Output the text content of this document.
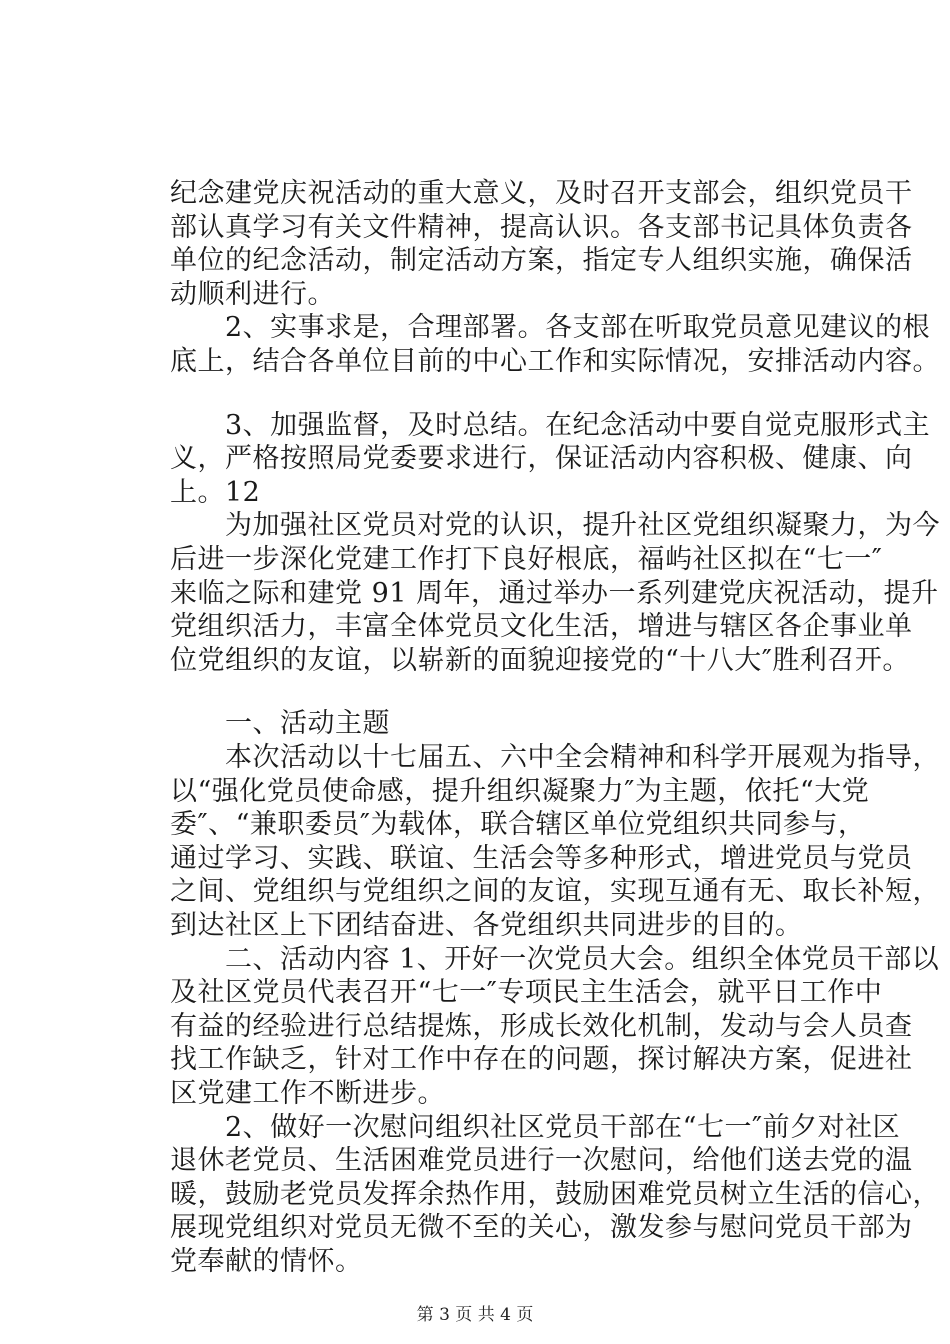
纪念建党庆祝活动的重大意义，及时召开支部会，组织党员干
部认真学习有关文件精神，提高认识。各支部书记具体负责各
单位的纪念活动，制定活动方案，指定专人组织实施，确保活
动顺利进行。
　　2、实事求是，合理部署。各支部在听取党员意见建议的根
底上，结合各单位目前的中心工作和实际情况，安排活动内容。
　　3、加强监督，及时总结。在纪念活动中要自觉克服形式主
义，严格按照局党委要求进行，保证活动内容积极、健康、向
上。12
　　为加强社区党员对党的认识，提升社区党组织凝聚力，为今
后进一步深化党建工作打下良好根底，福屿社区拟在“七一″
来临之际和建党 91 周年，通过举办一系列建党庆祝活动，提升
党组织活力，丰富全体党员文化生活，增进与辖区各企事业单
位党组织的友谊，以崭新的面貌迎接党的“十八大″胜利召开。
　　一、活动主题
　　本次活动以十七届五、六中全会精神和科学开展观为指导，
以“强化党员使命感，提升组织凝聚力″为主题，依托“大党
委″、“兼职委员″为载体，联合辖区单位党组织共同参与，
通过学习、实践、联谊、生活会等多种形式，增进党员与党员
之间、党组织与党组织之间的友谊，实现互通有无、取长补短，
到达社区上下团结奋进、各党组织共同进步的目的。
　　二、活动内容 1、开好一次党员大会。组织全体党员干部以
及社区党员代表召开“七一″专项民主生活会，就平日工作中
有益的经验进行总结提炼，形成长效化机制，发动与会人员查
找工作缺乏，针对工作中存在的问题，探讨解决方案，促进社
区党建工作不断进步。
　　2、做好一次慰问组织社区党员干部在“七一″前夕对社区
退休老党员、生活困难党员进行一次慰问，给他们送去党的温
暖，鼓励老党员发挥余热作用，鼓励困难党员树立生活的信心，
第 3 页 共 4 页
展现党组织对党员无微不至的关心，激发参与慰问党员干部为
党奉献的情怀。
